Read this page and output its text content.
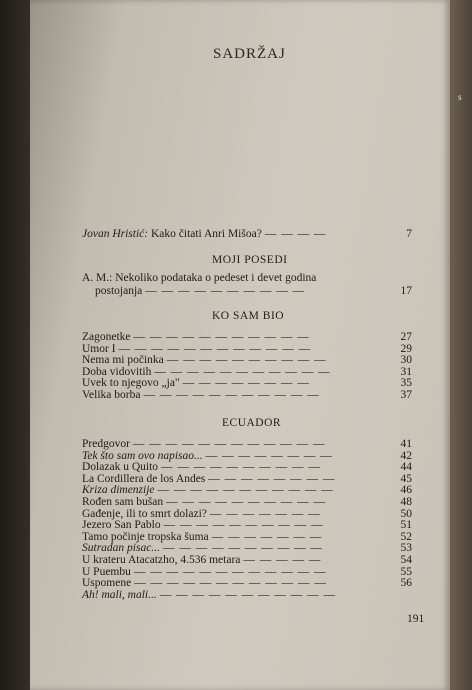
s
SADRŽAJ
Jovan Hristić: Kako čitati Anri Mišoa? — — — —	7
MOJI POSEDI
A. M.: Nekoliko podataka o pedeset i devet godina
postojanja — — — — — — — — — —	17
KO SAM BIO
Zagonetke — — — — — — — — — — —	27
Umor I — — — — — — — — — — — —	29
Nema mi počinka — — — — — — — — — —	30
Doba vidovitih — — — — — — — — — — —	31
Uvek to njegovo „ja" — — — — — — — —	35
Velika borba — — — — — — — — — — —	37
ECUADOR
Predgovor — — — — — — — — — — — —	41
Tek što sam ovo napisao... — — — — — — — —	42
Dolazak u Quito — — — — — — — — — —	44
La Cordillera de los Andes — — — — — — — —	45
Kriza dimenzije — — — — — — — — — — —	46
Rođen sam bušan — — — — — — — — — —	48
Gađenje, ili to smrt dolazi? — — — — — — —	50
Jezero San Pablo — — — — — — — — — —	51
Tamo počinje tropska šuma — — — — — — —	52
Sutradan pisac... — — — — — — — — — —	53
U krateru Atacatzho, 4.536 metara — — — — —	54
U Puembu — — — — — — — — — — — —	55
Uspomene — — — — — — — — — — — —	56
Ah! mali, mali... — — — — — — — — — — —
191
